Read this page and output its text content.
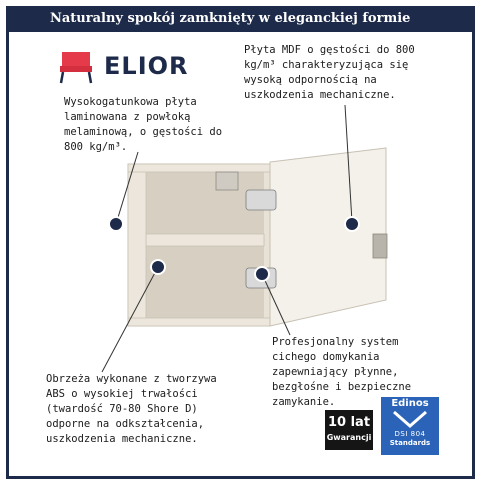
Naturalny spokój zamknięty w eleganckiej formie
ELIOR
Płyta MDF o gęstości do 800
kg/m³ charakteryzująca się
wysoką odpornością na
uszkodzenia mechaniczne.
Wysokogatunkowa płyta
laminowana z powłoką
melaminową, o gęstości do
800 kg/m³.
Profesjonalny system
cichego domykania
zapewniający płynne,
bezgłośne i bezpieczne
zamykanie.
Obrzeża wykonane z tworzywa
ABS o wysokiej trwałości
(twardość 70-80 Shore D)
odporne na odkształcenia,
uszkodzenia mechaniczne.
10 lat
Gwarancji
Edinos
DSI 804
Standards
